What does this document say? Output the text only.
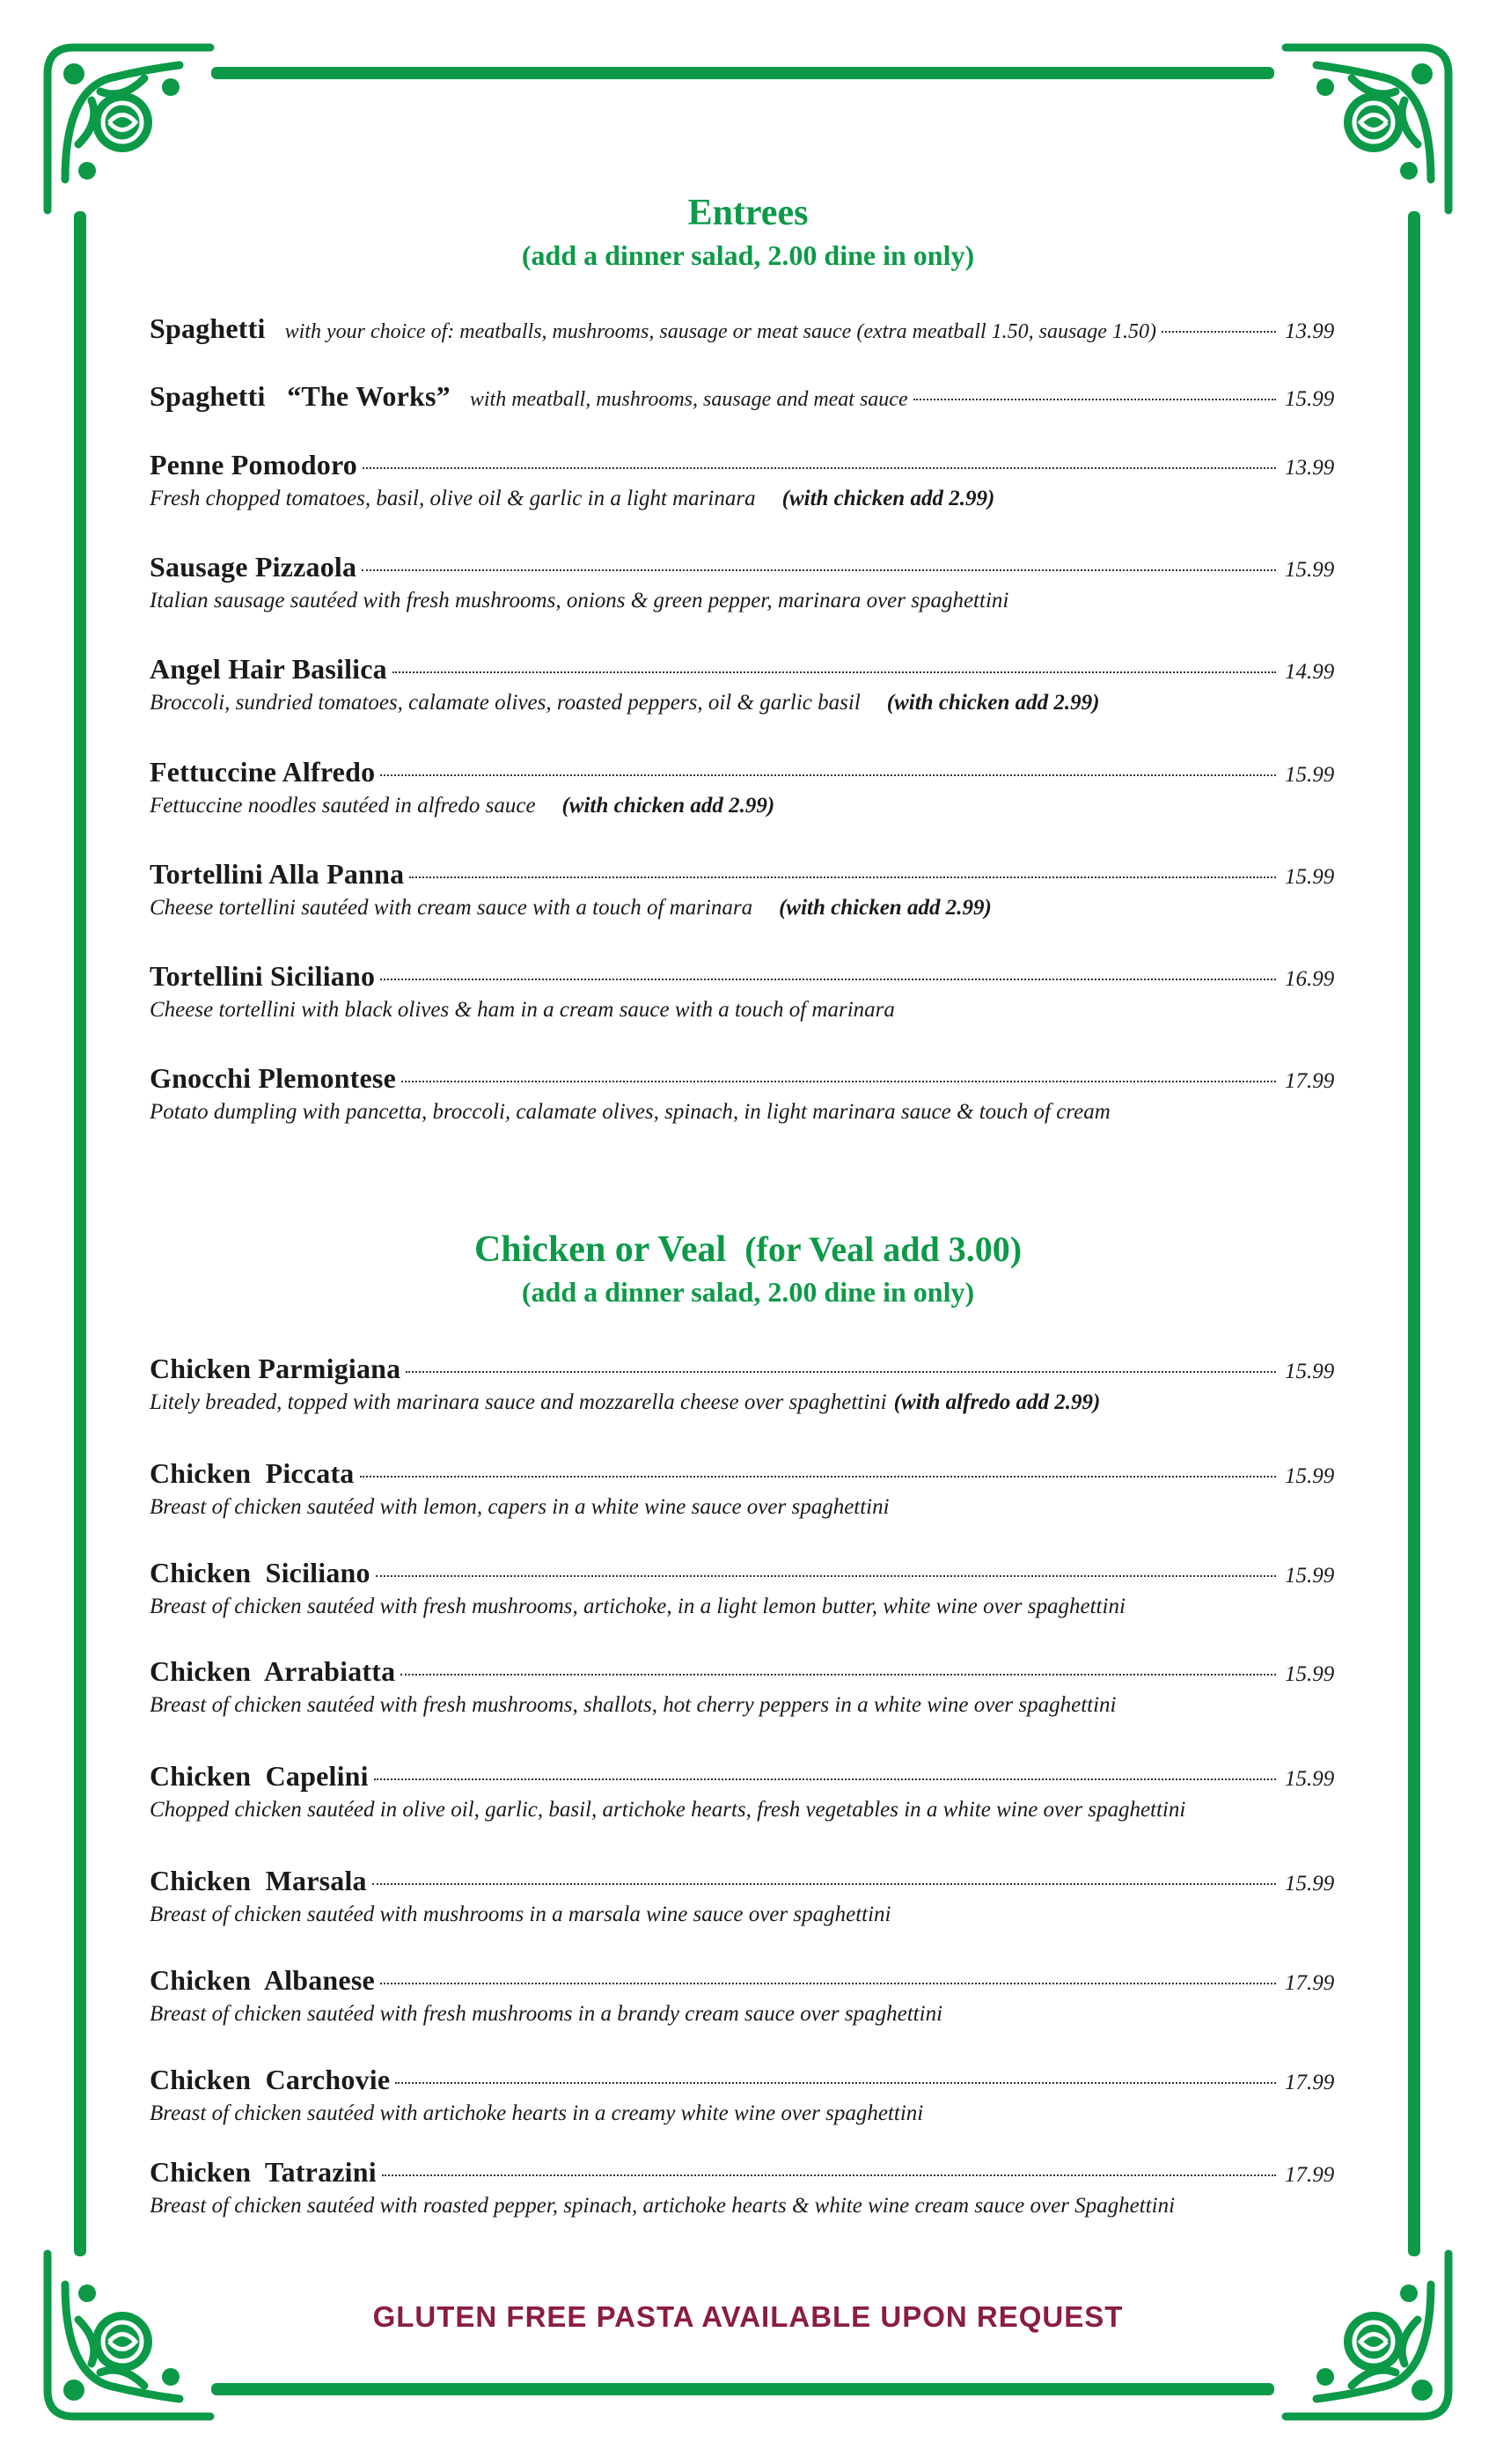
Entrees
(add a dinner salad, 2.00 dine in only)
Spaghetti with your choice of: meatballs, mushrooms, sausage or meat sauce (extra meatball 1.50, sausage 1.50)	13.99
Spaghetti   “The Works” with meatball, mushrooms, sausage and meat sauce	15.99
Penne Pomodoro	13.99
Fresh chopped tomatoes, basil, olive oil & garlic in a light marinara (with chicken add 2.99)
Sausage Pizzaola	15.99
Italian sausage sautéed with fresh mushrooms, onions & green pepper, marinara over spaghettini
Angel Hair Basilica	14.99
Broccoli, sundried tomatoes, calamate olives, roasted peppers, oil & garlic basil (with chicken add 2.99)
Fettuccine Alfredo	15.99
Fettuccine noodles sautéed in alfredo sauce (with chicken add 2.99)
Tortellini Alla Panna	15.99
Cheese tortellini sautéed with cream sauce with a touch of marinara (with chicken add 2.99)
Tortellini Siciliano	16.99
Cheese tortellini with black olives & ham in a cream sauce with a touch of marinara
Gnocchi Plemontese	17.99
Potato dumpling with pancetta, broccoli, calamate olives, spinach, in light marinara sauce & touch of cream
Chicken or Veal (for Veal add 3.00)
(add a dinner salad, 2.00 dine in only)
Chicken Parmigiana	15.99
Litely breaded, topped with marinara sauce and mozzarella cheese over spaghettini (with alfredo add 2.99)
Chicken  Piccata	15.99
Breast of chicken sautéed with lemon, capers in a white wine sauce over spaghettini
Chicken  Siciliano	15.99
Breast of chicken sautéed with fresh mushrooms, artichoke, in a light lemon butter, white wine over spaghettini
Chicken  Arrabiatta	15.99
Breast of chicken sautéed with fresh mushrooms, shallots, hot cherry peppers in a white wine over spaghettini
Chicken  Capelini	15.99
Chopped chicken sautéed in olive oil, garlic, basil, artichoke hearts, fresh vegetables in a white wine over spaghettini
Chicken  Marsala	15.99
Breast of chicken sautéed with mushrooms in a marsala wine sauce over spaghettini
Chicken  Albanese	17.99
Breast of chicken sautéed with fresh mushrooms in a brandy cream sauce over spaghettini
Chicken  Carchovie	17.99
Breast of chicken sautéed with artichoke hearts in a creamy white wine over spaghettini
Chicken  Tatrazini	17.99
Breast of chicken sautéed with roasted pepper, spinach, artichoke hearts & white wine cream sauce over Spaghettini
GLUTEN FREE PASTA AVAILABLE UPON REQUEST
